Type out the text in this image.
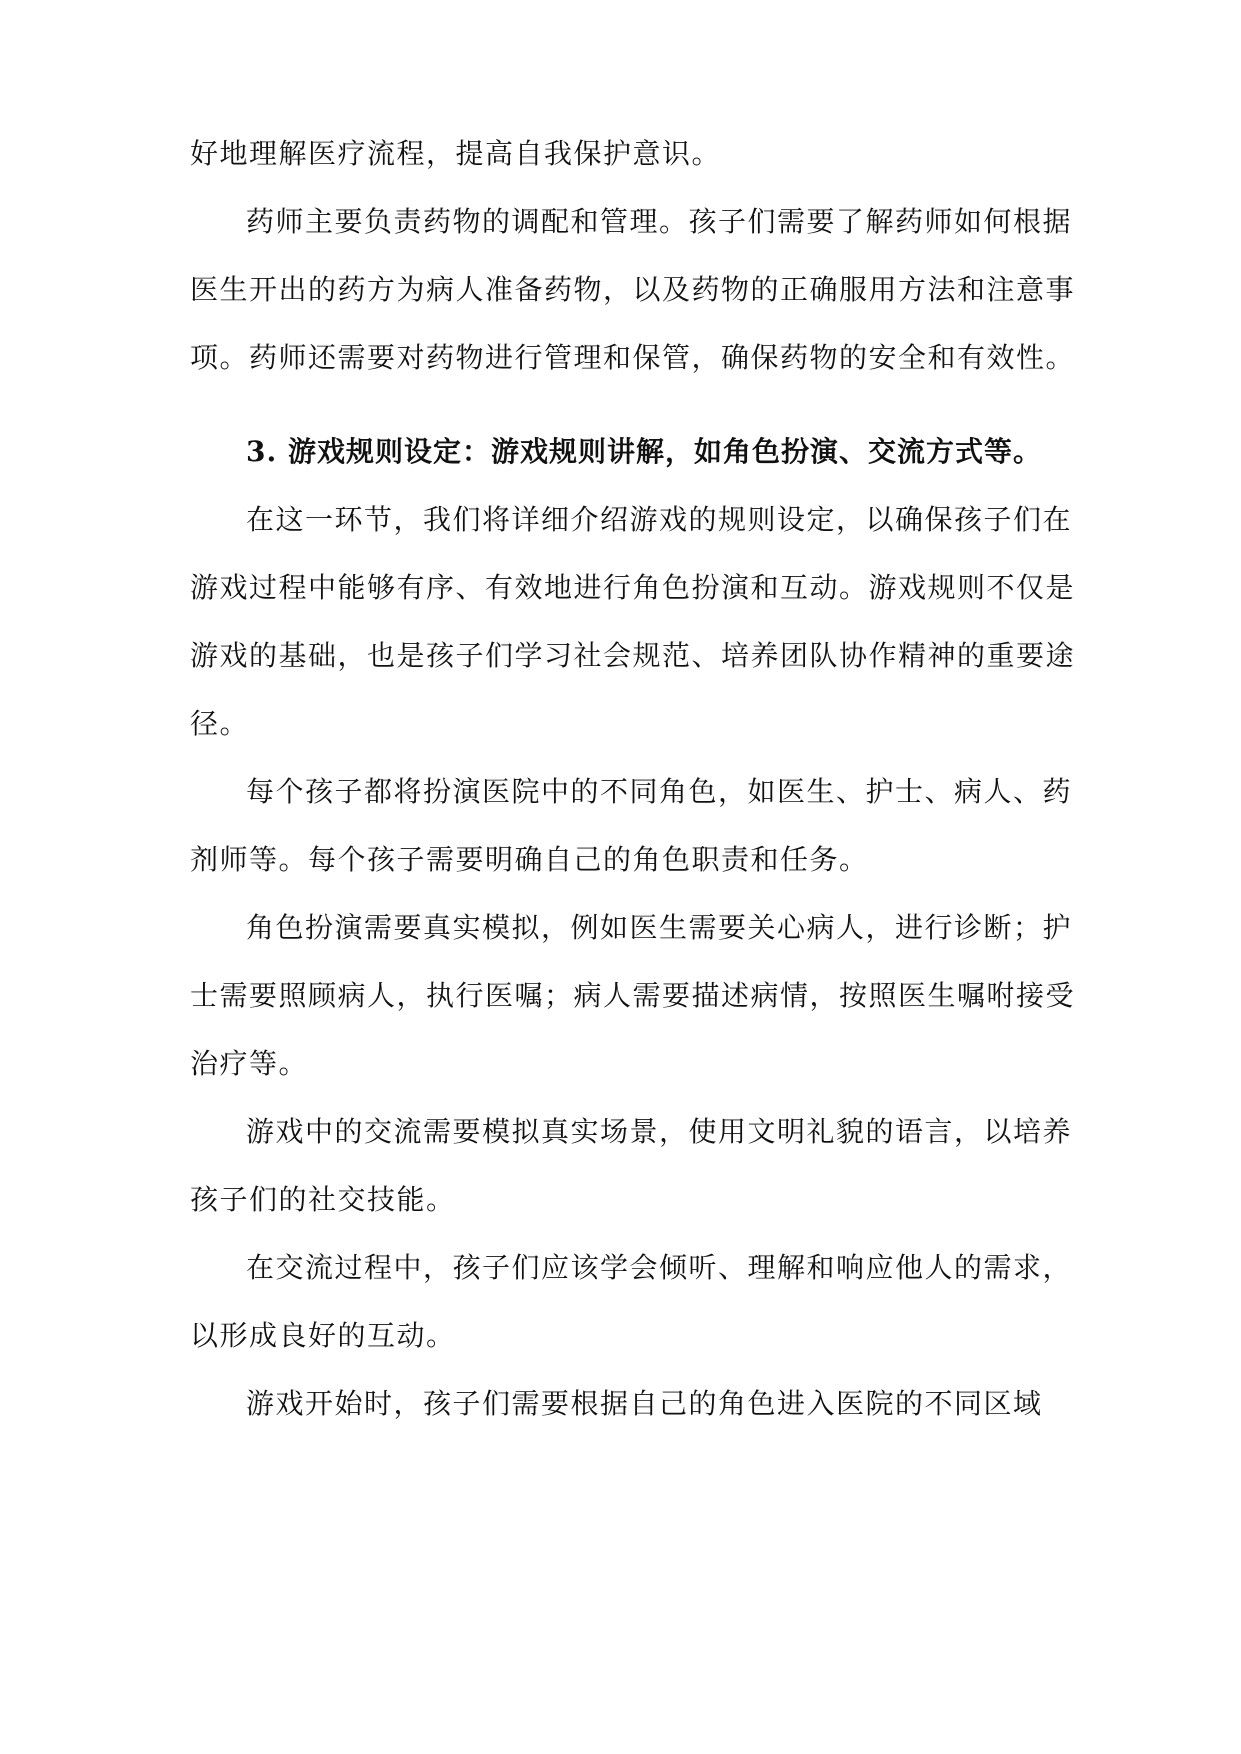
好地理解医疗流程，提高自我保护意识。
药师主要负责药物的调配和管理。孩子们需要了解药师如何根据
医生开出的药方为病人准备药物，以及药物的正确服用方法和注意事
项。药师还需要对药物进行管理和保管，确保药物的安全和有效性。
3. 游戏规则设定：游戏规则讲解，如角色扮演、交流方式等。
在这一环节，我们将详细介绍游戏的规则设定，以确保孩子们在
游戏过程中能够有序、有效地进行角色扮演和互动。游戏规则不仅是
游戏的基础，也是孩子们学习社会规范、培养团队协作精神的重要途
径。
每个孩子都将扮演医院中的不同角色，如医生、护士、病人、药
剂师等。每个孩子需要明确自己的角色职责和任务。
角色扮演需要真实模拟，例如医生需要关心病人，进行诊断；护
士需要照顾病人，执行医嘱；病人需要描述病情，按照医生嘱咐接受
治疗等。
游戏中的交流需要模拟真实场景，使用文明礼貌的语言，以培养
孩子们的社交技能。
在交流过程中，孩子们应该学会倾听、理解和响应他人的需求，
以形成良好的互动。
游戏开始时，孩子们需要根据自己的角色进入医院的不同区域
